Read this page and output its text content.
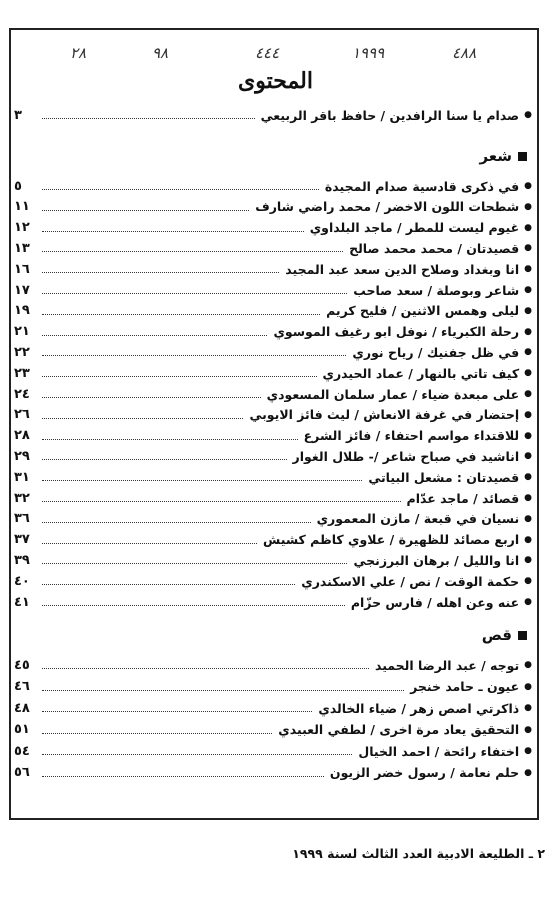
٢٨	٩٨	٤٤٤	١٩٩٩	٤٨٨
المحتوى
●
صدام يا سنا الرافدين / حافظ باقر الربيعي
٣
شعر
●
في ذكرى قادسية صدام المجيدة
٥
●
شطحات اللون الاخضر / محمد راضي شارف
١١
●
غيوم ليست للمطر / ماجد البلداوي
١٢
●
قصيدتان / محمد محمد صالح
١٣
●
انا وبغداد وصلاح الدين سعد عبد المجيد
١٦
●
شاعر وبوصلة / سعد صاحب
١٧
●
ليلى وهمس الاثنين / فليح كريم
١٩
●
رحلة الكبرياء / نوفل ابو رغيف الموسوي
٢١
●
في ظل جفنيك / رياح نوري
٢٢
●
كيف تاتي بالنهار / عماد الحيدري
٢٣
●
على مبعدة ضياء / عمار سلمان المسعودي
٢٤
●
إحتضار في غرفة الانعاش / ليث فائز الايوبي
٢٦
●
للاقتداء مواسم احتفاء / فائز الشرع
٢٨
●
اناشيد في صباح شاعر /- طلال الغوار
٢٩
●
قصيدتان : مشعل البياتي
٣١
●
قصائد / ماجد عدّام
٣٢
●
نسيان في قبعة / مازن المعموري
٣٦
●
اربع مصائد للظهيرة / علاوي كاظم كشيش
٣٧
●
انا والليل / برهان البرزنجي
٣٩
●
حكمة الوقت / نص / علي الاسكندري
٤٠
●
عنه وعن اهله / فارس حزّام
٤١
قص
●
توجه / عبد الرضا الحميد
٤٥
●
عيون ـ حامد خنجر
٤٦
●
ذاكرتي اصص زهر / ضياء الخالدي
٤٨
●
التحقيق يعاد مرة اخرى / لطفي العبيدي
٥١
●
اختفاء رائحة / احمد الخيال
٥٤
●
حلم نعامة / رسول خضر الزيون
٥٦
٢ ـ الطليعة الادبية العدد الثالث لسنة ١٩٩٩
